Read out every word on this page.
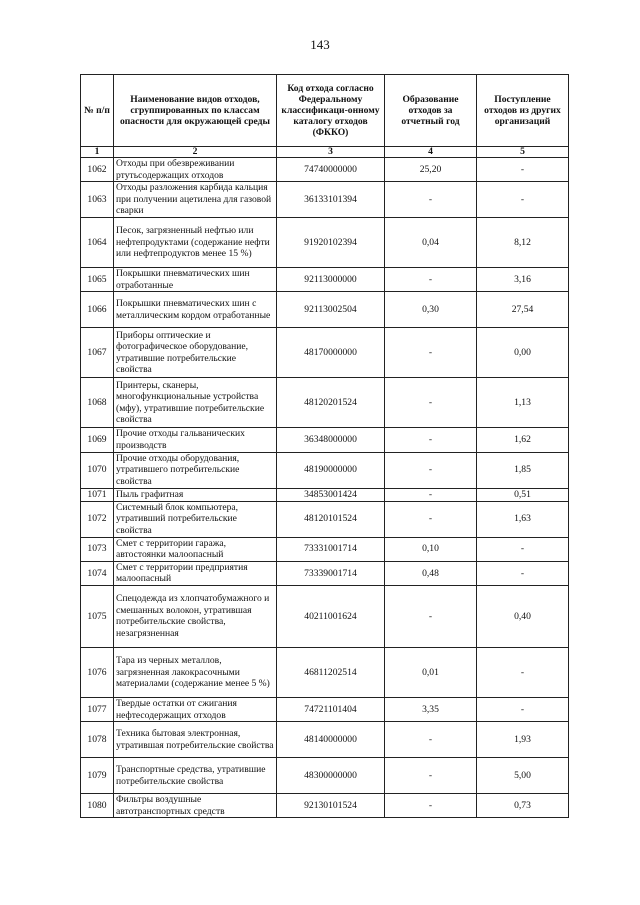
143
№ п/п	Наименование видов отходов, сгруппированных по классам опасности для окружающей среды	Код отхода согласно Федеральному классификаци-онному каталогу отходов (ФККО)	Образование отходов за отчетный год	Поступление отходов из других организаций
1	2	3	4	5
1062	Отходы при обезвреживании ртутьсодержащих отходов	74740000000	25,20	-
1063	Отходы разложения карбида кальция при получении ацетилена для газовой сварки	36133101394	-	-
1064	Песок, загрязненный нефтью или нефтепродуктами (содержание нефти или нефтепродуктов менее 15 %)	91920102394	0,04	8,12
1065	Покрышки пневматических шин отработанные	92113000000	-	3,16
1066	Покрышки пневматических шин с металлическим кордом отработанные	92113002504	0,30	27,54
1067	Приборы оптические и фотографическое оборудование, утратившие потребительские свойства	48170000000	-	0,00
1068	Принтеры, сканеры, многофункциональные устройства (мфу), утратившие потребительские свойства	48120201524	-	1,13
1069	Прочие отходы гальванических производств	36348000000	-	1,62
1070	Прочие отходы оборудования, утратившего потребительские свойства	48190000000	-	1,85
1071	Пыль графитная	34853001424	-	0,51
1072	Системный блок компьютера, утративший потребительские свойства	48120101524	-	1,63
1073	Смет с территории гаража, автостоянки малоопасный	73331001714	0,10	-
1074	Смет с территории предприятия малоопасный	73339001714	0,48	-
1075	Спецодежда из хлопчатобумажного и смешанных волокон, утратившая потребительские свойства, незагрязненная	40211001624	-	0,40
1076	Тара из черных металлов, загрязненная лакокрасочными материалами (содержание менее 5 %)	46811202514	0,01	-
1077	Твердые остатки от сжигания нефтесодержащих отходов	74721101404	3,35	-
1078	Техника бытовая электронная, утратившая потребительские свойства	48140000000	-	1,93
1079	Транспортные средства, утратившие потребительские свойства	48300000000	-	5,00
1080	Фильтры воздушные автотранспортных средств	92130101524	-	0,73
